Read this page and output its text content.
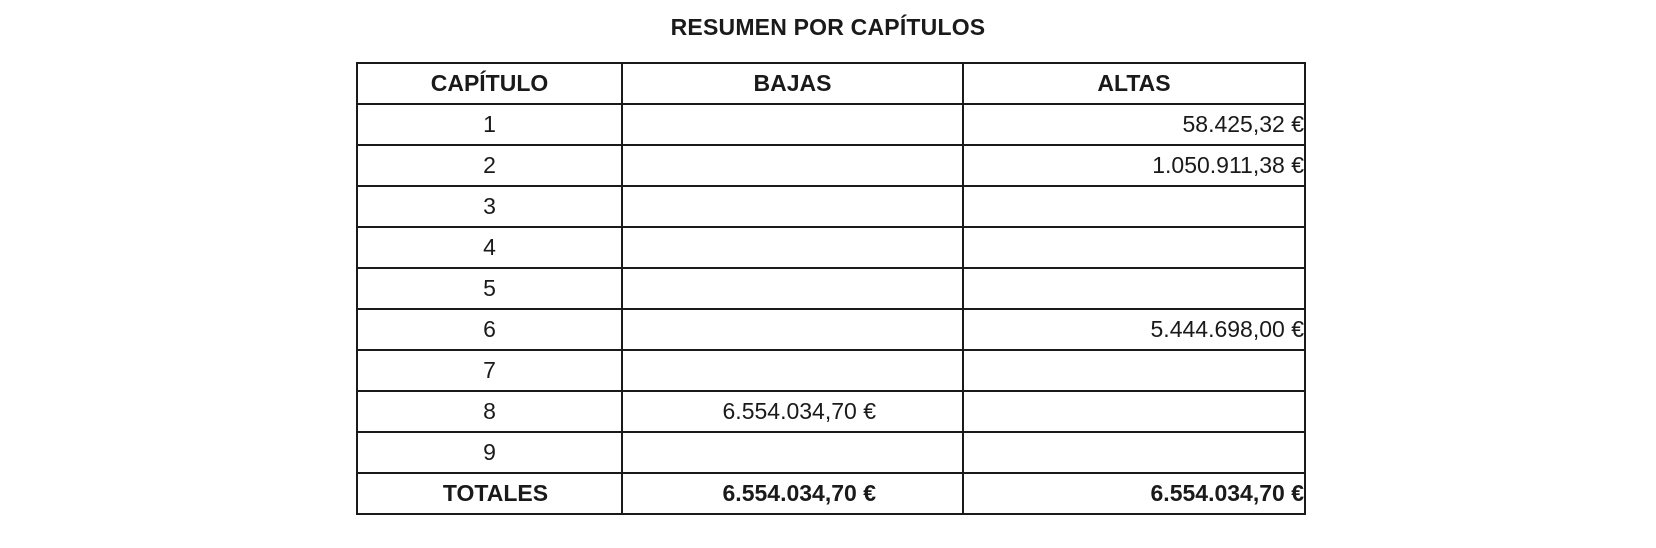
RESUMEN POR CAPÍTULOS
CAPÍTULO	BAJAS	ALTAS
1		58.425,32 €
2		1.050.911,38 €
3		
4		
5		
6		5.444.698,00 €
7		
8	6.554.034,70 €	
9		
TOTALES	6.554.034,70 €	6.554.034,70 €
